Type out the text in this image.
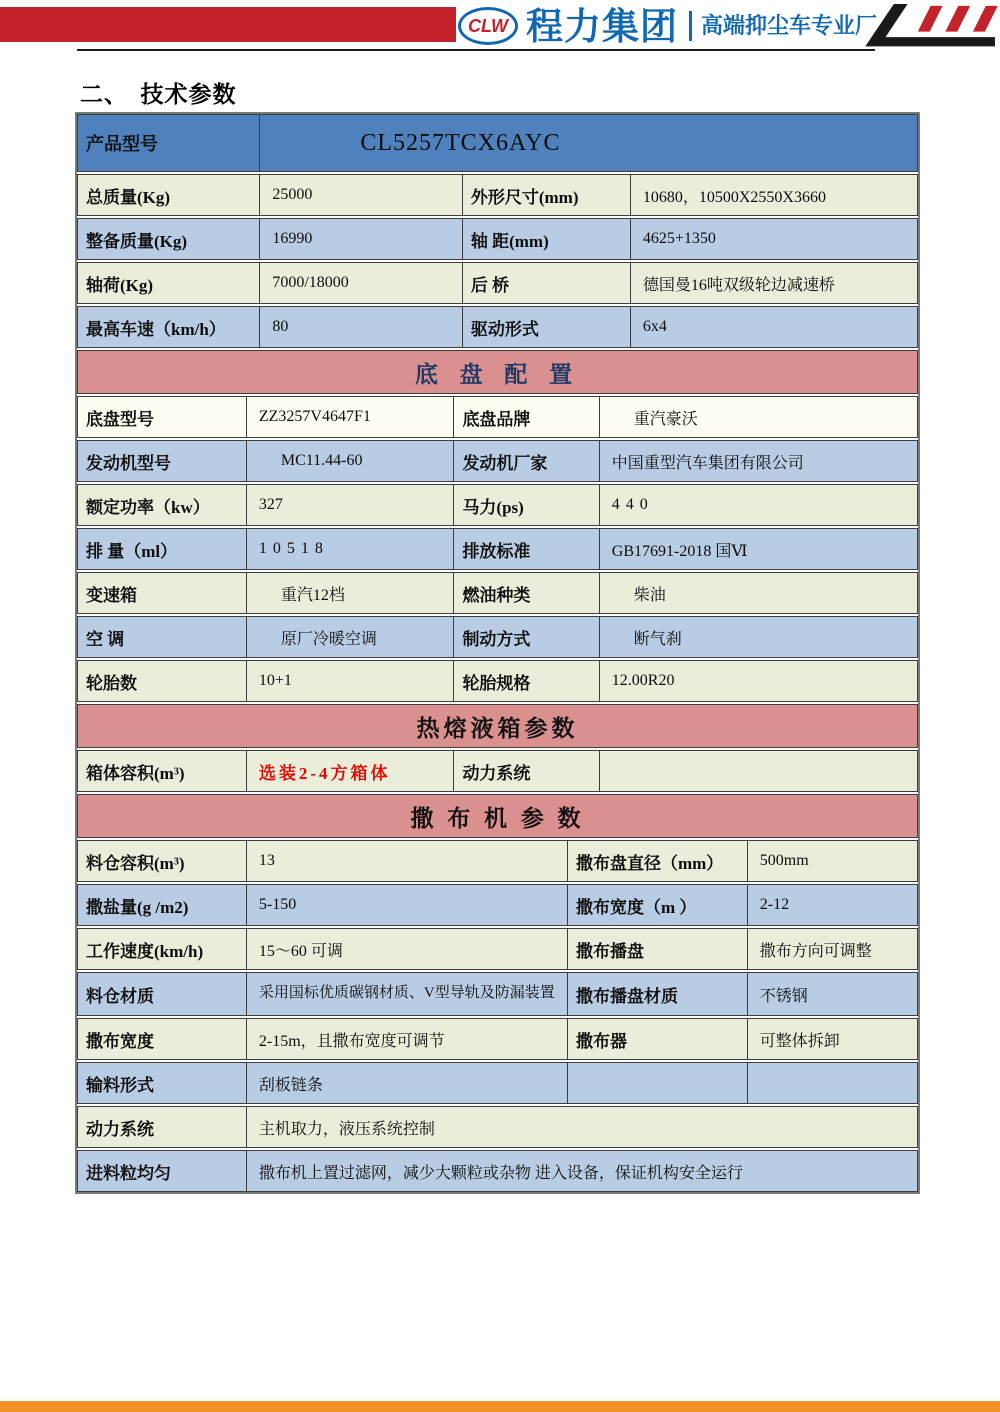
CLW 程力集团 高端抑尘车专业厂
二、　技术参数
产品型号	CL5257TCX6AYC
总质量(Kg)	25000	外形尺寸(mm)	10680，10500X2550X3660
整备质量(Kg)	16990	轴 距(mm)	4625+1350
轴荷(Kg)	7000/18000	后 桥	德国曼16吨双级轮边减速桥
最高车速（km/h）	80	驱动形式	6x4
底 盘 配 置
底盘型号	ZZ3257V4647F1	底盘品牌	重汽豪沃
发动机型号	MC11.44-60	发动机厂家	中国重型汽车集团有限公司
额定功率（kw）	327	马力(ps)	440
排 量（ml）	10518	排放标准	GB17691-2018 国Ⅵ
变速箱	重汽12档	燃油种类	柴油
空 调	原厂冷暖空调	制动方式	断气刹
轮胎数	10+1	轮胎规格	12.00R20
热熔液箱参数
箱体容积(m³)	选装2-4方箱体	动力系统
撒 布 机 参 数
料仓容积(m³)	13	撒布盘直径（mm）	500mm
撒盐量(g /m2)	5-150	撒布宽度（m ）	2-12
工作速度(km/h)	15～60 可调	撒布播盘	撒布方向可调整
料仓材质	采用国标优质碳钢材质、V型导轨及防漏装置	撒布播盘材质	不锈钢
撒布宽度	2-15m，且撒布宽度可调节	撒布器	可整体拆卸
输料形式	刮板链条
动力系统	主机取力，液压系统控制
进料粒均匀	撒布机上置过滤网，减少大颗粒或杂物 进入设备，保证机构安全运行
